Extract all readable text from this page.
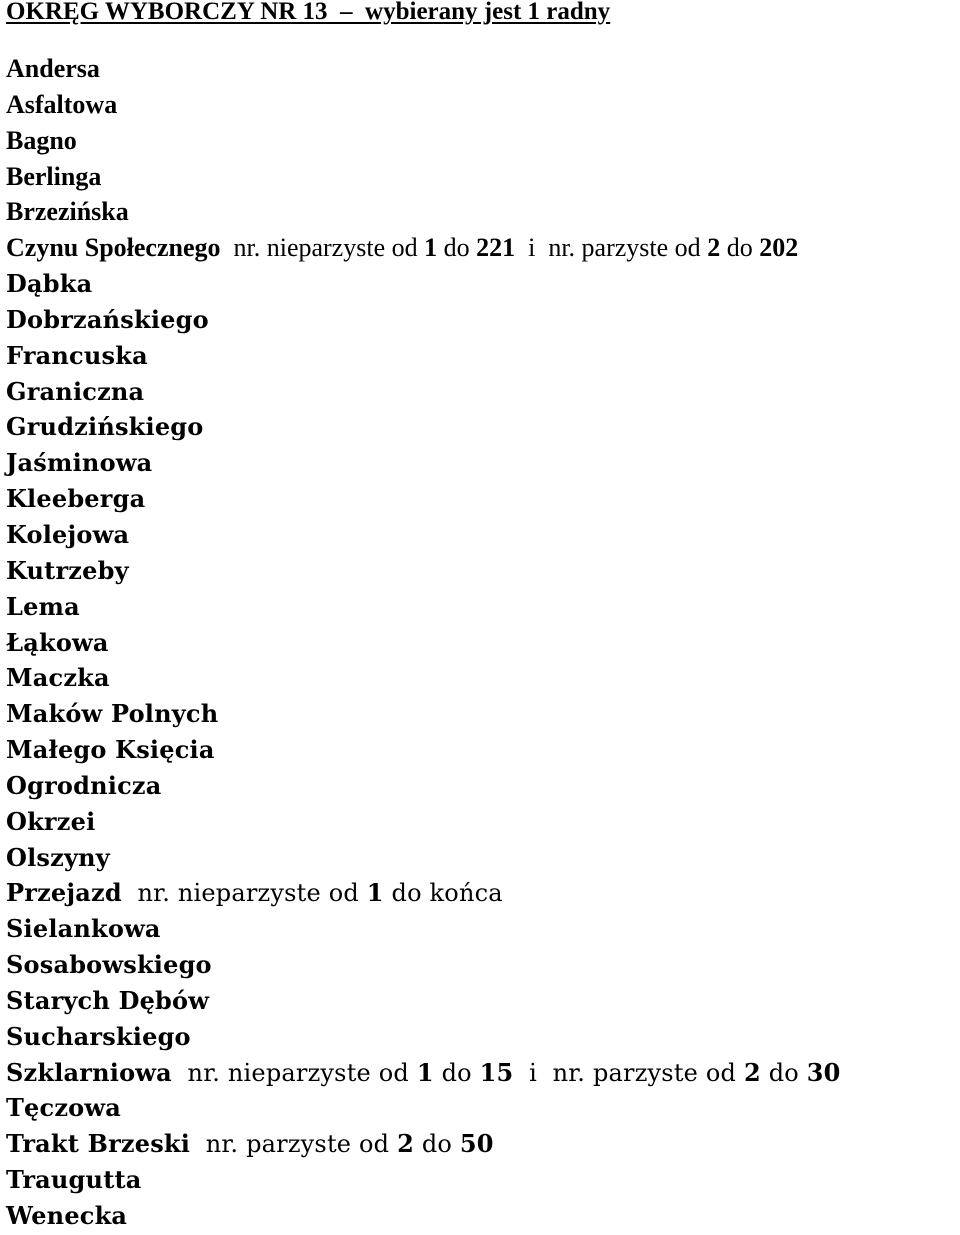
OKRĘG WYBORCZY NR 13  –  wybierany jest 1 radny
Andersa
Asfaltowa
Bagno
Berlinga
Brzezińska
Czynu Społecznego  nr. nieparzyste od 1 do 221  i  nr. parzyste od 2 do 202
Dąbka
Dobrzańskiego
Francuska
Graniczna
Grudzińskiego
Jaśminowa
Kleeberga
Kolejowa
Kutrzeby
Lema
Łąkowa
Maczka
Maków Polnych
Małego Księcia
Ogrodnicza
Okrzei
Olszyny
Przejazd  nr. nieparzyste od 1 do końca
Sielankowa
Sosabowskiego
Starych Dębów
Sucharskiego
Szklarniowa  nr. nieparzyste od 1 do 15  i  nr. parzyste od 2 do 30
Tęczowa
Trakt Brzeski  nr. parzyste od 2 do 50
Traugutta
Wenecka
